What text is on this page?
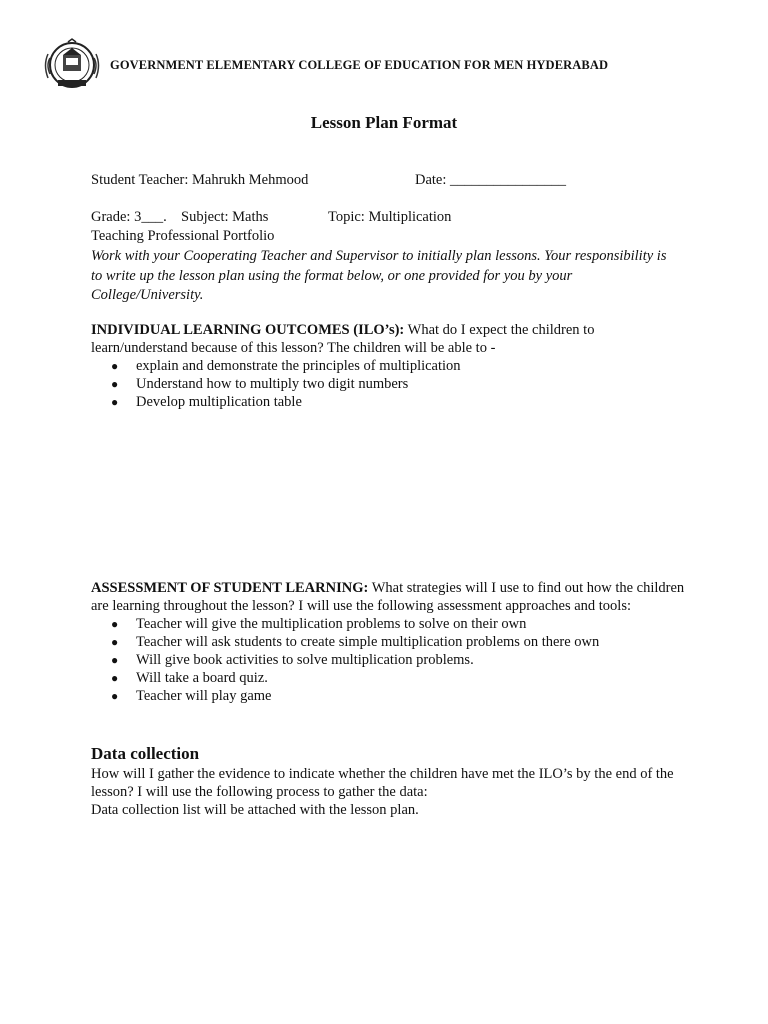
GOVERNMENT ELEMENTARY COLLEGE OF EDUCATION FOR MEN HYDERABAD
Lesson Plan Format
Student Teacher: Mahrukh Mehmood	Date: ________________
Grade: 3___. Subject: Maths	Topic: Multiplication
Teaching Professional Portfolio
Work with your Cooperating Teacher and Supervisor to initially plan lessons. Your responsibility is to write up the lesson plan using the format below, or one provided for you by your College/University.
INDIVIDUAL LEARNING OUTCOMES (ILO’s): What do I expect the children to learn/understand because of this lesson? The children will be able to -
● explain and demonstrate the principles of multiplication
● Understand how to multiply two digit numbers
● Develop multiplication table
ASSESSMENT OF STUDENT LEARNING: What strategies will I use to find out how the children are learning throughout the lesson? I will use the following assessment approaches and tools:
● Teacher will give the multiplication problems to solve on their own
● Teacher will ask students to create simple multiplication problems on there own
● Will give book activities to solve multiplication problems.
● Will take a board quiz.
● Teacher will play game
Data collection
How will I gather the evidence to indicate whether the children have met the ILO’s by the end of the lesson? I will use the following process to gather the data:
Data collection list will be attached with the lesson plan.
